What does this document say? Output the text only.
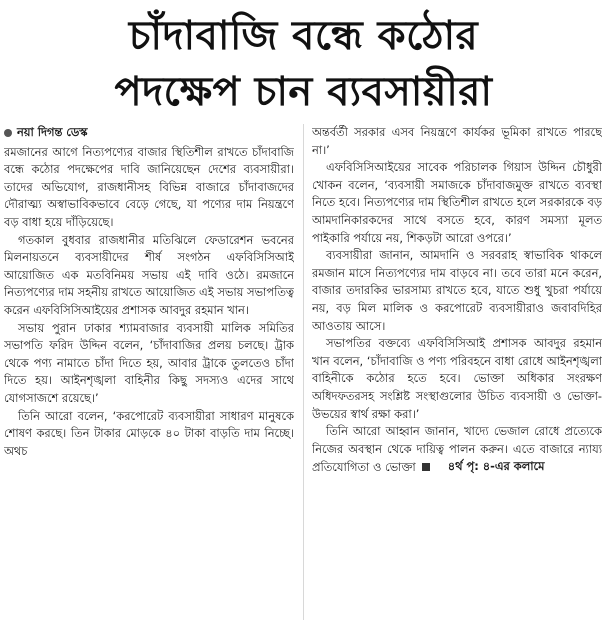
চাঁদাবাজি বন্ধে কঠোর
পদক্ষেপ চান ব্যবসায়ীরা
নয়া দিগন্ত ডেস্ক

রমজানের আগে নিত্যপণ্যের বাজার স্থিতিশীল রাখতে চাঁদাবাজি বন্ধে কঠোর পদক্ষেপের দাবি জানিয়েছেন দেশের ব্যবসায়ীরা। তাদের অভিযোগ, রাজধানীসহ বিভিন্ন বাজারে চাঁদাবাজদের দৌরাত্ম্য অস্বাভাবিকভাবে বেড়ে গেছে, যা পণ্যের দাম নিয়ন্ত্রণে বড় বাধা হয়ে দাঁড়িয়েছে।

গতকাল বুধবার রাজধানীর মতিঝিলে ফেডারেশন ভবনের মিলনায়তনে ব্যবসায়ীদের শীর্ষ সংগঠন এফবিসিসিআই আয়োজিত এক মতবিনিময় সভায় এই দাবি ওঠে। রমজানে নিত্যপণ্যের দাম সহনীয় রাখতে আয়োজিত এই সভায় সভাপতিত্ব করেন এফবিসিসিআইয়ের প্রশাসক আবদুর রহমান খান।

সভায় পুরান ঢাকার শ্যামবাজার ব্যবসায়ী মালিক সমিতির সভাপতি ফরিদ উদ্দিন বলেন, ‘চাঁদাবাজির প্রলয় চলছে। ট্রাক থেকে পণ্য নামাতে চাঁদা দিতে হয়, আবার ট্রাকে তুলতেও চাঁদা দিতে হয়। আইনশৃঙ্খলা বাহিনীর কিছু সদস্যও এদের সাথে যোগসাজশে রয়েছে।’

তিনি আরো বলেন, ‘করপোরেট ব্যবসায়ীরা সাধারণ মানুষকে শোষণ করছে। তিন টাকার মোড়কে ৪০ টাকা বাড়তি দাম নিচ্ছে। অথচ

অন্তর্বর্তী সরকার এসব নিয়ন্ত্রণে কার্যকর ভূমিকা রাখতে পারছে না।’

এফবিসিসিআইয়ের সাবেক পরিচালক গিয়াস উদ্দিন চৌধুরী খোকন বলেন, ‘ব্যবসায়ী সমাজকে চাঁদাবাজমুক্ত রাখতে ব্যবস্থা নিতে হবে। নিত্যপণ্যের দাম স্থিতিশীল রাখতে হলে সরকারকে বড় আমদানিকারকদের সাথে বসতে হবে, কারণ সমস্যা মূলত পাইকারি পর্যায়ে নয়, শিকড়টা আরো ওপরে।’

ব্যবসায়ীরা জানান, আমদানি ও সরবরাহ স্বাভাবিক থাকলে রমজান মাসে নিত্যপণ্যের দাম বাড়বে না। তবে তারা মনে করেন, বাজার তদারকির ভারসাম্য রাখতে হবে, যাতে শুধু খুচরা পর্যায়ে নয়, বড় মিল মালিক ও করপোরেট ব্যবসায়ীরাও জবাবদিহির আওতায় আসে।

সভাপতির বক্তব্যে এফবিসিসিআই প্রশাসক আবদুর রহমান খান বলেন, ‘চাঁদাবাজি ও পণ্য পরিবহনে বাধা রোধে আইনশৃঙ্খলা বাহিনীকে কঠোর হতে হবে। ভোক্তা অধিকার সংরক্ষণ অধিদফতরসহ সংশ্লিষ্ট সংস্থাগুলোর উচিত ব্যবসায়ী ও ভোক্তা- উভয়ের স্বার্থ রক্ষা করা।’

তিনি আরো আহ্বান জানান, খাদ্যে ভেজাল রোধে প্রত্যেকে নিজের অবস্থান থেকে দায়িত্ব পালন করুন। এতে বাজারে ন্যায্য প্রতিযোগিতা ও ভোক্তা	৪র্থ পৃ: ৪-এর কলামে
